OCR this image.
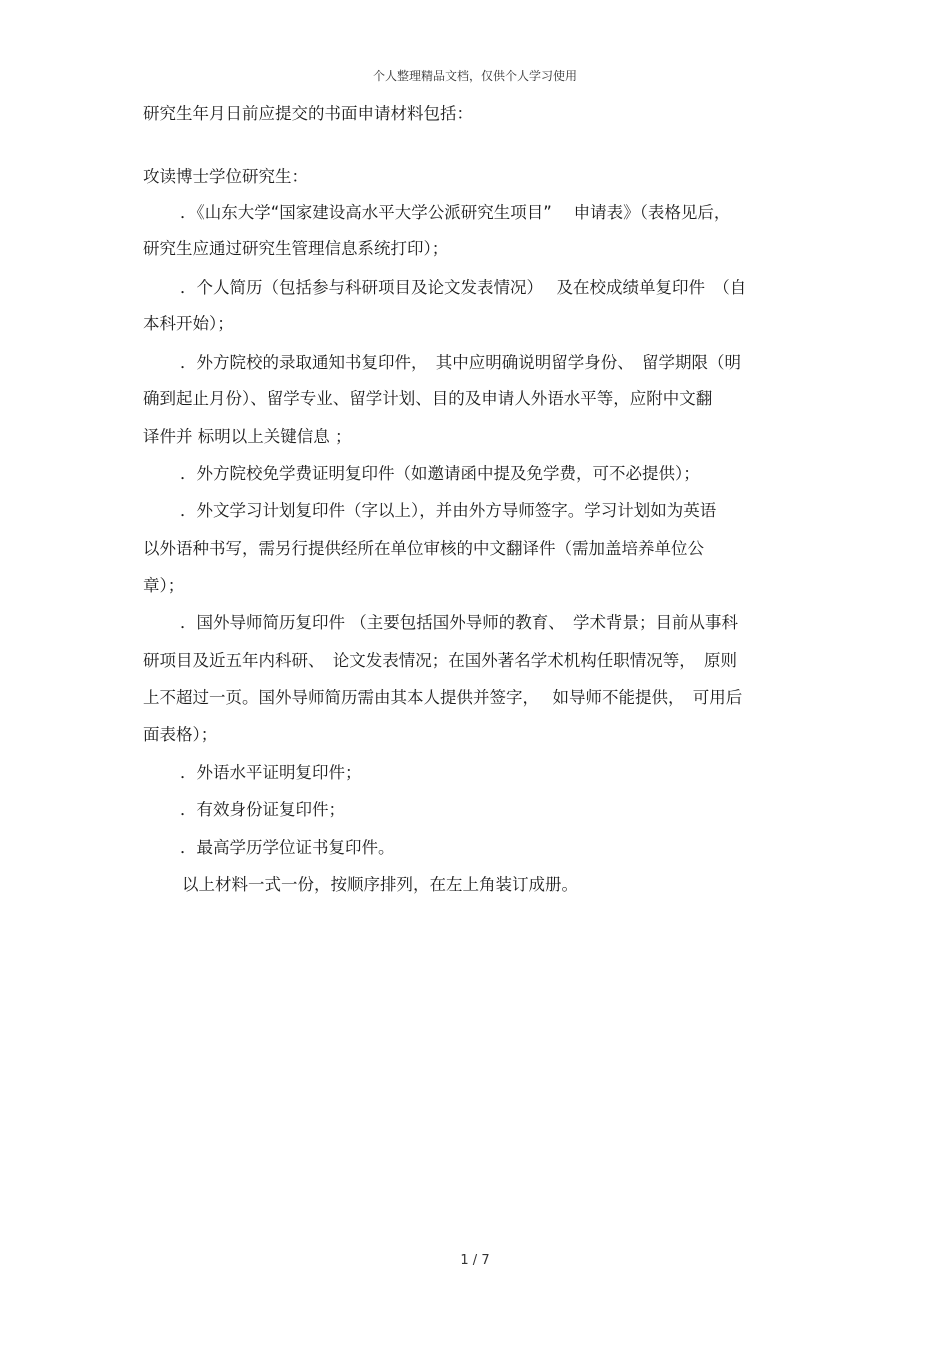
个人整理精品文档，仅供个人学习使用
研究生年月日前应提交的书面申请材料包括：
攻读博士学位研究生：
．《山东大学“国家建设高水平大学公派研究生项目”　 申请表》（表格见后，
研究生应通过研究生管理信息系统打印）；
．个人简历（包括参与科研项目及论文发表情况）　 及在校成绩单复印件　（自
本科开始）；
．外方院校的录取通知书复印件，　其中应明确说明留学身份、　留学期限（明
确到起止月份）、留学专业、留学计划、目的及申请人外语水平等，应附中文翻
译件并 标明以上关键信息 ；
．外方院校免学费证明复印件（如邀请函中提及免学费，可不必提供）；
．外文学习计划复印件（字以上），并由外方导师签字。学习计划如为英语
以外语种书写，需另行提供经所在单位审核的中文翻译件（需加盖培养单位公
章）；
．国外导师简历复印件 （主要包括国外导师的教育、　学术背景；目前从事科
研项目及近五年内科研、　论文发表情况；在国外著名学术机构任职情况等，　原则
上不超过一页。国外导师简历需由其本人提供并签字，　 如导师不能提供，　可用后
面表格）；
．外语水平证明复印件；
．有效身份证复印件；
．最高学历学位证书复印件。
以上材料一式一份，按顺序排列，在左上角装订成册。
1 / 7
